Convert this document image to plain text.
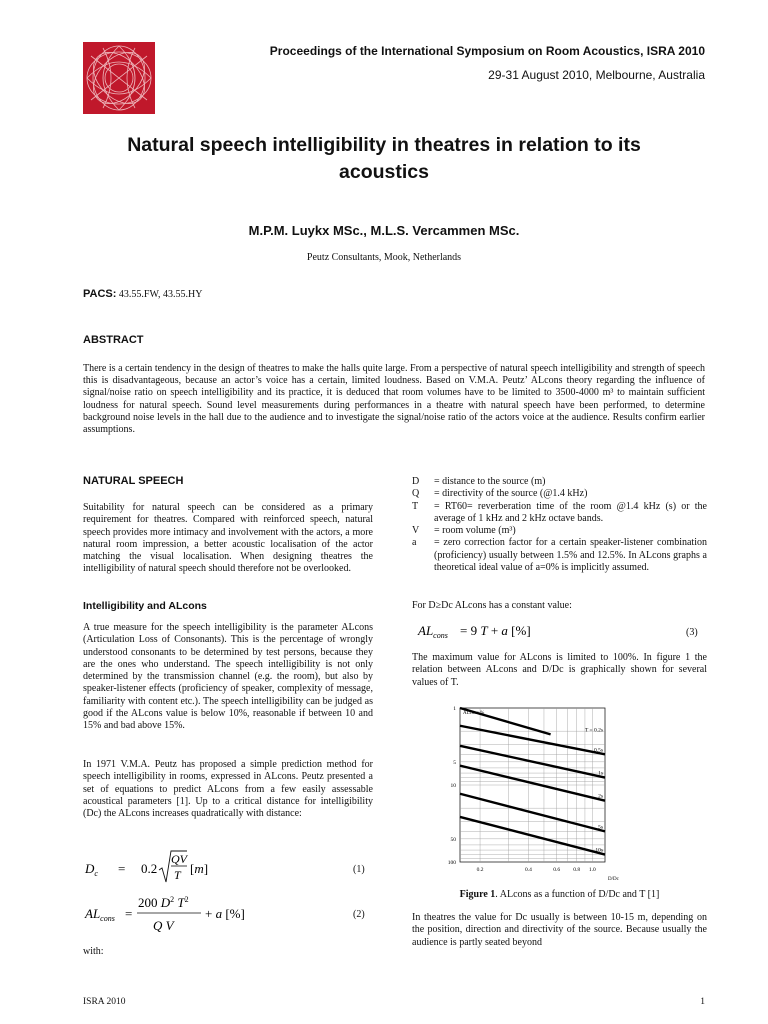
Proceedings of the International Symposium on Room Acoustics, ISRA 2010
29-31 August 2010, Melbourne, Australia
Natural speech intelligibility in theatres in relation to its acoustics
M.P.M. Luykx MSc., M.L.S. Vercammen MSc.
Peutz Consultants, Mook, Netherlands
PACS: 43.55.FW, 43.55.HY
ABSTRACT

There is a certain tendency in the design of theatres to make the halls quite large. From a perspective of natural speech intelligibility and strength of speech this is disadvantageous, because an actor’s voice has a certain, limited loudness. Based on V.M.A. Peutz’ ALcons theory regarding the influence of signal/noise ratio on speech intelligibility and its practice, it is deduced that room volumes have to be limited to 3500-4000 m³ to maintain sufficient loudness for natural speech. Sound level measurements during performances in a theatre with natural speech have been performed, to determine background noise levels in the hall due to the audience and to investigate the signal/noise ratio of the actors voice at the audience. Results confirm earlier assumptions.

NATURAL SPEECH

Suitability for natural speech can be considered as a primary requirement for theatres. Compared with reinforced speech, natural speech provides more intimacy and involvement with the actors, a more natural room impression, a better acoustic localisation of the actor matching the visual localisation. When designing theatres the intelligibility of natural speech should therefore not be overlooked.

Intelligibility and ALcons

A true measure for the speech intelligibility is the parameter ALcons (Articulation Loss of Consonants). This is the percentage of wrongly understood consonants to be determined by test persons, because they are the ones who understand. The speech intelligibility is not only determined by the transmission channel (e.g. the room), but also by speaker-listener effects (proficiency of speaker, complexity of message, familiarity with content etc.). The speech intelligibility can be judged as good if the ALcons value is below 10%, reasonable if between 10 and 15% and bad above 15%.

In 1971 V.M.A. Peutz has proposed a simple prediction method for speech intelligibility in rooms, expressed in ALcons. Peutz presented a set of equations to predict ALcons from a few easily assessable acoustical parameters [1]. Up to a critical distance for intelligibility (Dc) the ALcons increases quadratically with distance:

$D_c = 0.2$
QV
T [m]	(1)
$AL_{cons}$ =
200 $D^2$ $T^2$
Q V
+ a [%]	(2)
with:
D	= distance to the source (m)
Q	= directivity of the source (@1.4 kHz)
T	= RT60= reverberation time of the room @1.4 kHz (s) or the average of 1 kHz and 2 kHz octave bands.
V	= room volume (m³)
a	= zero correction factor for a certain speaker-listener combination (proficiency) usually between 1.5% and 12.5%. In ALcons graphs a theoretical ideal value of a=0% is implicitly assumed.

For D≥Dc ALcons has a constant value:

$AL_{cons} = 9$ T + a [%]	(3)

The maximum value for ALcons is limited to 100%. In figure 1 the relation between ALcons and D/Dc is graphically shown for several values of T.

T = 0.2s
0.5s
1s
2s
5s
10s
1
5
10
50
100
0.2	0.4	0.6 0.8 1.0
ALcons %
D/Dc
Figure 1. ALcons as a function of D/Dc and T [1]

In theatres the value for Dc usually is between 10-15 m, depending on the position, direction and directivity of the source. Because usually the audience is partly seated beyond

ISRA 2010	1
